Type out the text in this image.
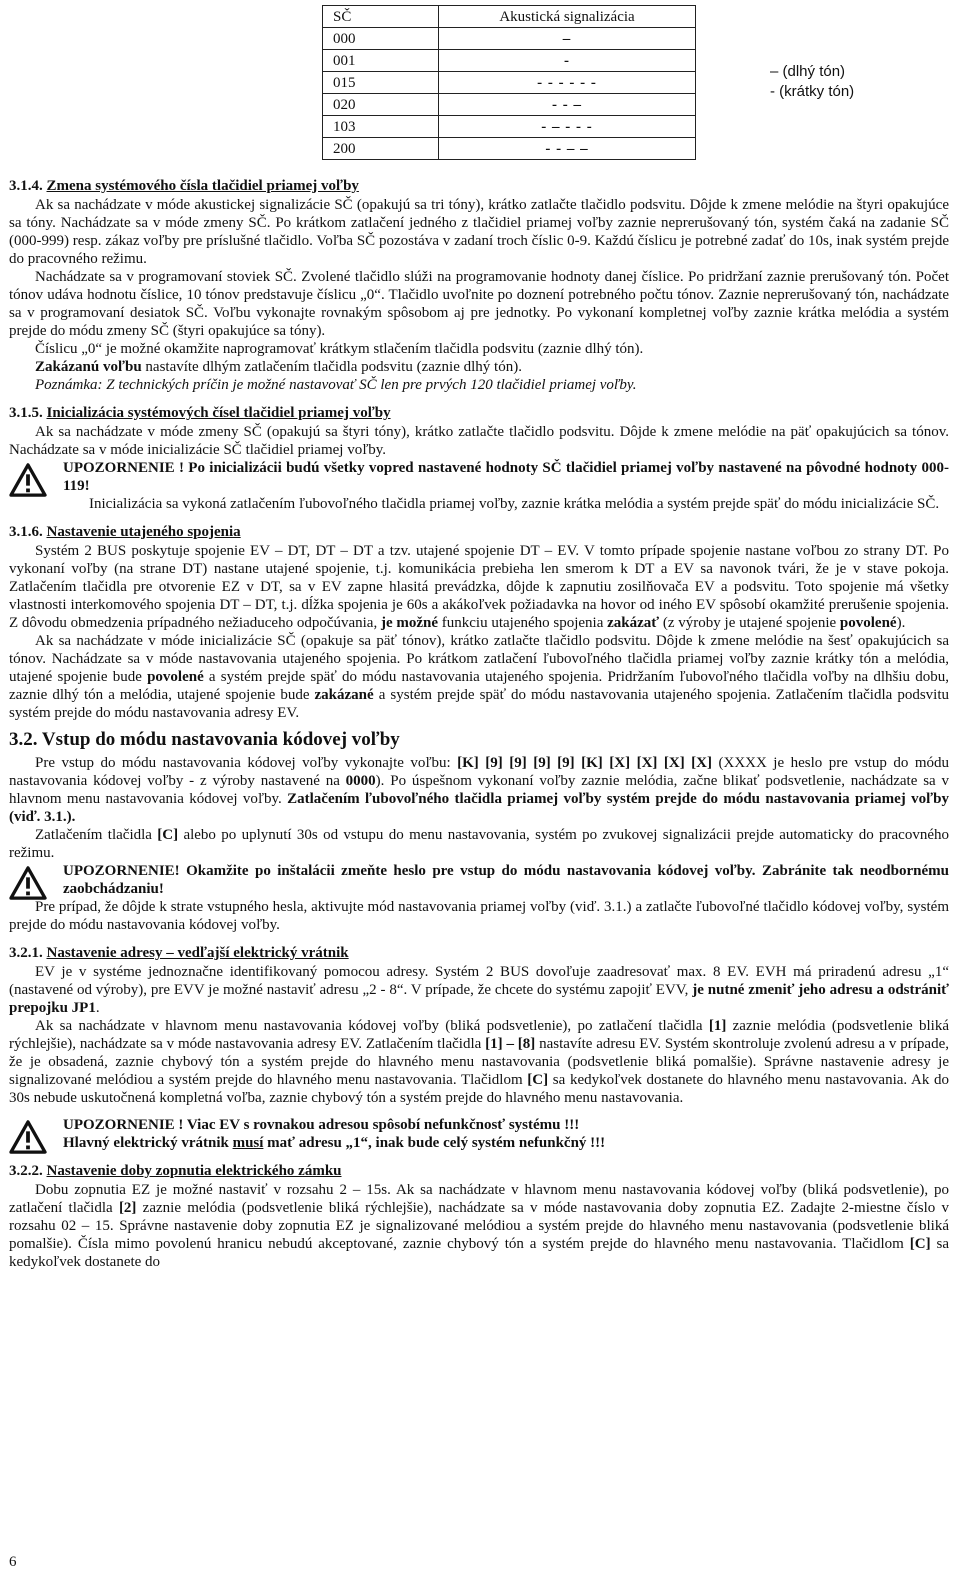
SČ	Akustická signalizácia
000	–
001	-
015	- - - - - -
020	- - –
103	- – - - -
200	- - – –
– (dlhý tón)
- (krátky tón)
3.1.4. Zmena systémového čísla tlačidiel priamej voľby

Ak sa nachádzate v móde akustickej signalizácie SČ (opakujú sa tri tóny), krátko zatlačte tlačidlo podsvitu. Dôjde k zmene melódie na štyri opakujúce sa tóny. Nachádzate sa v móde zmeny SČ. Po krátkom zatlačení jedného z tlačidiel priamej voľby zaznie neprerušovaný tón, systém čaká na zadanie SČ (000-999) resp. zákaz voľby pre príslušné tlačidlo. Voľba SČ pozostáva v zadaní troch číslic 0-9. Každú číslicu je potrebné zadať do 10s, inak systém prejde do pracovného režimu.

Nachádzate sa v programovaní stoviek SČ. Zvolené tlačidlo slúži na programovanie hodnoty danej číslice. Po pridržaní zaznie prerušovaný tón. Počet tónov udáva hodnotu číslice, 10 tónov predstavuje číslicu „0“. Tlačidlo uvoľnite po doznení potrebného počtu tónov. Zaznie neprerušovaný tón, nachádzate sa v programovaní desiatok SČ. Voľbu vykonajte rovnakým spôsobom aj pre jednotky. Po vykonaní kompletnej voľby zaznie krátka melódia a systém prejde do módu zmeny SČ (štyri opakujúce sa tóny).

Číslicu „0“ je možné okamžite naprogramovať krátkym stlačením tlačidla podsvitu (zaznie dlhý tón).

Zakázanú voľbu nastavíte dlhým zatlačením tlačidla podsvitu (zaznie dlhý tón).

Poznámka: Z technických príčin je možné nastavovať SČ len pre prvých 120 tlačidiel priamej voľby.

3.1.5. Inicializácia systémových čísel tlačidiel priamej voľby

Ak sa nachádzate v móde zmeny SČ (opakujú sa štyri tóny), krátko zatlačte tlačidlo podsvitu. Dôjde k zmene melódie na päť opakujúcich sa tónov. Nachádzate sa v móde inicializácie SČ tlačidiel priamej voľby.

UPOZORNENIE ! Po inicializácii budú všetky vopred nastavené hodnoty SČ tlačidiel priamej voľby nastavené na pôvodné hodnoty 000-119!

Inicializácia sa vykoná zatlačením ľubovoľného tlačidla priamej voľby, zaznie krátka melódia a systém prejde späť do módu inicializácie SČ.

3.1.6. Nastavenie utajeného spojenia

Systém 2 BUS poskytuje spojenie EV – DT, DT – DT a tzv. utajené spojenie DT – EV. V tomto prípade spojenie nastane voľbou zo strany DT. Po vykonaní voľby (na strane DT) nastane utajené spojenie, t.j. komunikácia prebieha len smerom k DT a EV sa navonok tvári, že je v stave pokoja. Zatlačením tlačidla pre otvorenie EZ v DT, sa v EV zapne hlasitá prevádzka, dôjde k zapnutiu zosilňovača EV a podsvitu. Toto spojenie má všetky vlastnosti interkomového spojenia DT – DT, t.j. dĺžka spojenia je 60s a akákoľvek požiadavka na hovor od iného EV spôsobí okamžité prerušenie spojenia. Z dôvodu obmedzenia prípadného nežiaduceho odpočúvania, je možné funkciu utajeného spojenia zakázať (z výroby je utajené spojenie povolené).

Ak sa nachádzate v móde inicializácie SČ (opakuje sa päť tónov), krátko zatlačte tlačidlo podsvitu. Dôjde k zmene melódie na šesť opakujúcich sa tónov. Nachádzate sa v móde nastavovania utajeného spojenia. Po krátkom zatlačení ľubovoľného tlačidla priamej voľby zaznie krátky tón a melódia, utajené spojenie bude povolené a systém prejde späť do módu nastavovania utajeného spojenia. Pridržaním ľubovoľného tlačidla voľby na dlhšiu dobu, zaznie dlhý tón a melódia, utajené spojenie bude zakázané a systém prejde späť do módu nastavovania utajeného spojenia. Zatlačením tlačidla podsvitu systém prejde do módu nastavovania adresy EV.

3.2. Vstup do módu nastavovania kódovej voľby

Pre vstup do módu nastavovania kódovej voľby vykonajte voľbu: [K] [9] [9] [9] [9] [K] [X] [X] [X] [X] (XXXX je heslo pre vstup do módu nastavovania kódovej voľby - z výroby nastavené na 0000). Po úspešnom vykonaní voľby zaznie melódia, začne blikať podsvetlenie, nachádzate sa v hlavnom menu nastavovania kódovej voľby. Zatlačením ľubovoľného tlačidla priamej voľby systém prejde do módu nastavovania priamej voľby (viď. 3.1.).

Zatlačením tlačidla [C] alebo po uplynutí 30s od vstupu do menu nastavovania, systém po zvukovej signalizácii prejde automaticky do pracovného režimu.

UPOZORNENIE! Okamžite po inštalácii zmeňte heslo pre vstup do módu nastavovania kódovej voľby. Zabránite tak neodbornému zaobchádzaniu!

Pre prípad, že dôjde k strate vstupného hesla, aktivujte mód nastavovania priamej voľby (viď. 3.1.) a zatlačte ľubovoľné tlačidlo kódovej voľby, systém prejde do módu nastavovania kódovej voľby.

3.2.1. Nastavenie adresy – vedľajší elektrický vrátnik

EV je v systéme jednoznačne identifikovaný pomocou adresy. Systém 2 BUS dovoľuje zaadresovať max. 8 EV. EVH má priradenú adresu „1“ (nastavené od výroby), pre EVV je možné nastaviť adresu „2 - 8“. V prípade, že chcete do systému zapojiť EVV, je nutné zmeniť jeho adresu a odstrániť prepojku JP1.

Ak sa nachádzate v hlavnom menu nastavovania kódovej voľby (bliká podsvetlenie), po zatlačení tlačidla [1] zaznie melódia (podsvetlenie bliká rýchlejšie), nachádzate sa v móde nastavovania adresy EV. Zatlačením tlačidla [1] – [8] nastavíte adresu EV. Systém skontroluje zvolenú adresu a v prípade, že je obsadená, zaznie chybový tón a systém prejde do hlavného menu nastavovania (podsvetlenie bliká pomalšie). Správne nastavenie adresy je signalizované melódiou a systém prejde do hlavného menu nastavovania. Tlačidlom [C] sa kedykoľvek dostanete do hlavného menu nastavovania. Ak do 30s nebude uskutočnená kompletná voľba, zaznie chybový tón a systém prejde do hlavného menu nastavovania.

UPOZORNENIE ! Viac EV s rovnakou adresou spôsobí nefunkčnosť systému !!!

Hlavný elektrický vrátnik musí mať adresu „1“, inak bude celý systém nefunkčný !!!

3.2.2. Nastavenie doby zopnutia elektrického zámku

Dobu zopnutia EZ je možné nastaviť v rozsahu 2 – 15s. Ak sa nachádzate v hlavnom menu nastavovania kódovej voľby (bliká podsvetlenie), po zatlačení tlačidla [2] zaznie melódia (podsvetlenie bliká rýchlejšie), nachádzate sa v móde nastavovania doby zopnutia EZ. Zadajte 2-miestne číslo v rozsahu 02 – 15. Správne nastavenie doby zopnutia EZ je signalizované melódiou a systém prejde do hlavného menu nastavovania (podsvetlenie bliká pomalšie). Čísla mimo povolenú hranicu nebudú akceptované, zaznie chybový tón a systém prejde do hlavného menu nastavovania. Tlačidlom [C] sa kedykoľvek dostanete do

6
